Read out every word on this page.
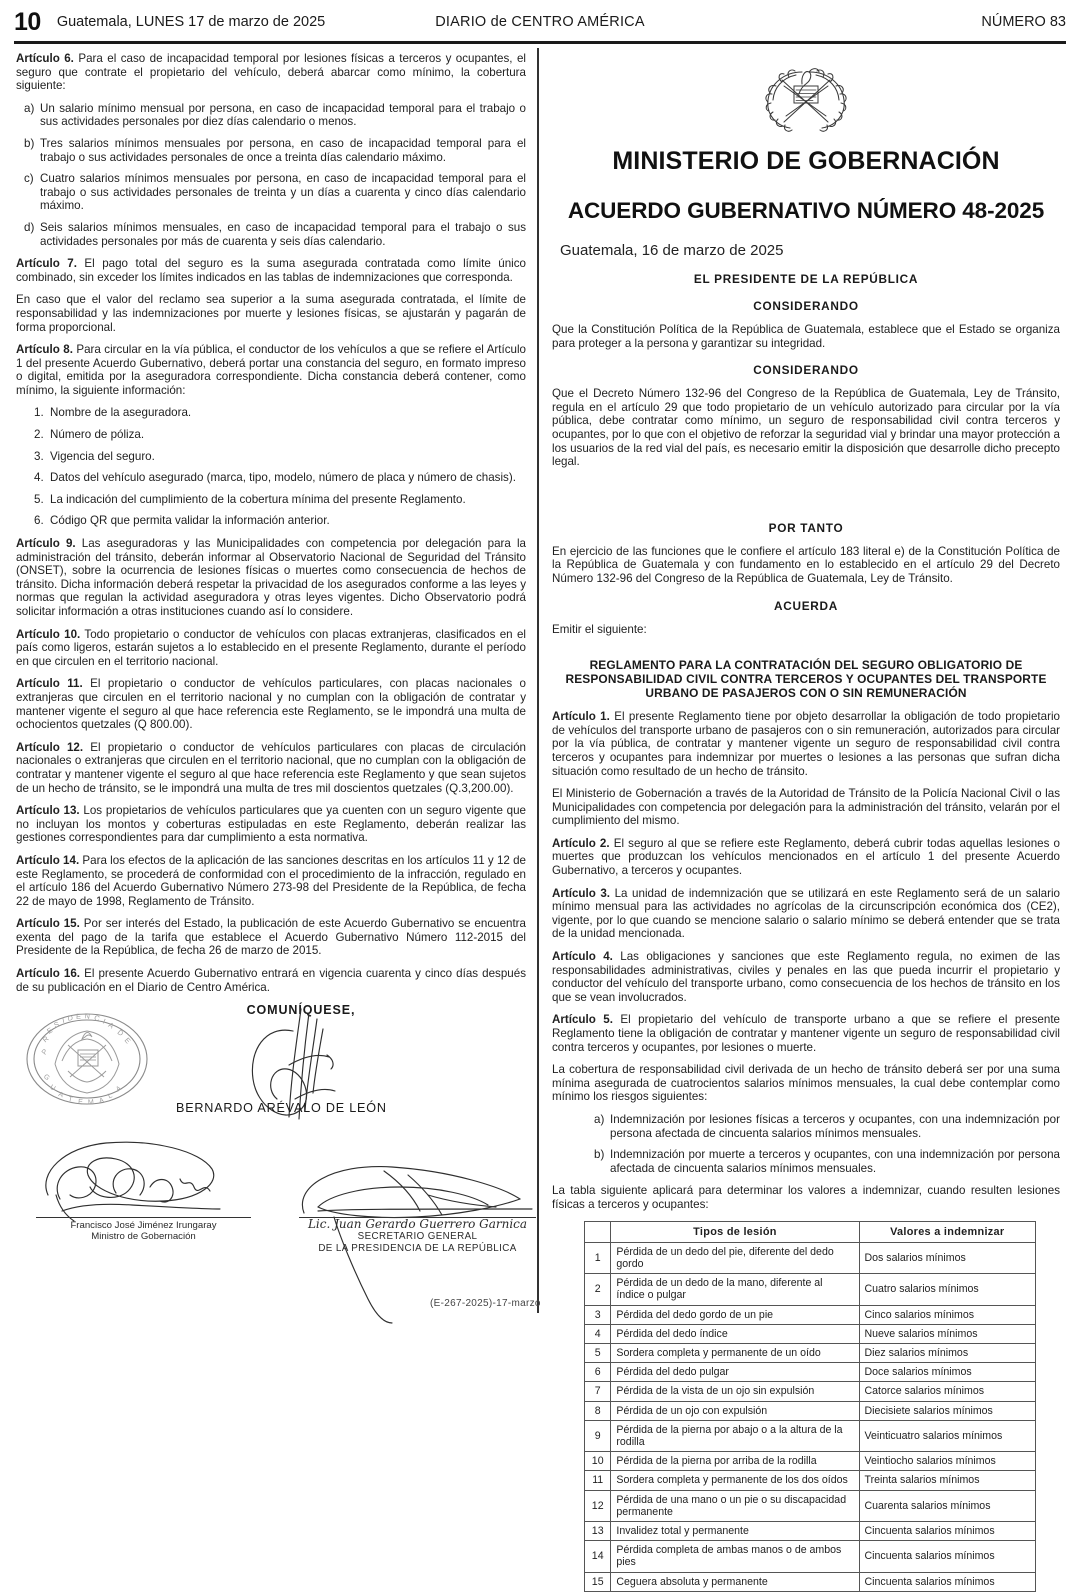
10 Guatemala, LUNES 17 de marzo de 2025	DIARIO de CENTRO AMÉRICA	NÚMERO 83

Artículo 6. Para el caso de incapacidad temporal por lesiones físicas a terceros y ocupantes, el seguro que contrate el propietario del vehículo, deberá abarcar como mínimo, la cobertura siguiente:

a) Un salario mínimo mensual por persona, en caso de incapacidad temporal para el trabajo o sus actividades personales por diez días calendario o menos.
b) Tres salarios mínimos mensuales por persona, en caso de incapacidad temporal para el trabajo o sus actividades personales de once a treinta días calendario máximo.
c) Cuatro salarios mínimos mensuales por persona, en caso de incapacidad temporal para el trabajo o sus actividades personales de treinta y un días a cuarenta y cinco días calendario máximo.
d) Seis salarios mínimos mensuales, en caso de incapacidad temporal para el trabajo o sus actividades personales por más de cuarenta y seis días calendario.

Artículo 7. El pago total del seguro es la suma asegurada contratada como límite único combinado, sin exceder los límites indicados en las tablas de indemnizaciones que corresponda.

En caso que el valor del reclamo sea superior a la suma asegurada contratada, el límite de responsabilidad y las indemnizaciones por muerte y lesiones físicas, se ajustarán y pagarán de forma proporcional.

Artículo 8. Para circular en la vía pública, el conductor de los vehículos a que se refiere el Artículo 1 del presente Acuerdo Gubernativo, deberá portar una constancia del seguro, en formato impreso o digital, emitida por la aseguradora correspondiente. Dicha constancia deberá contener, como mínimo, la siguiente información:

1. Nombre de la aseguradora.
2. Número de póliza.
3. Vigencia del seguro.
4. Datos del vehículo asegurado (marca, tipo, modelo, número de placa y número de chasis).
5. La indicación del cumplimiento de la cobertura mínima del presente Reglamento.
6. Código QR que permita validar la información anterior.

Artículo 9. Las aseguradoras y las Municipalidades con competencia por delegación para la administración del tránsito, deberán informar al Observatorio Nacional de Seguridad del Tránsito (ONSET), sobre la ocurrencia de lesiones físicas o muertes como consecuencia de hechos de tránsito. Dicha información deberá respetar la privacidad de los asegurados conforme a las leyes y normas que regulan la actividad aseguradora y otras leyes vigentes. Dicho Observatorio podrá solicitar información a otras instituciones cuando así lo considere.

Artículo 10. Todo propietario o conductor de vehículos con placas extranjeras, clasificados en el país como ligeros, estarán sujetos a lo establecido en el presente Reglamento, durante el período en que circulen en el territorio nacional.

Artículo 11. El propietario o conductor de vehículos particulares, con placas nacionales o extranjeras que circulen en el territorio nacional y no cumplan con la obligación de contratar y mantener vigente el seguro al que hace referencia este Reglamento, se le impondrá una multa de ochocientos quetzales (Q 800.00).

Artículo 12. El propietario o conductor de vehículos particulares con placas de circulación nacionales o extranjeras que circulen en el territorio nacional, que no cumplan con la obligación de contratar y mantener vigente el seguro al que hace referencia este Reglamento y que sean sujetos de un hecho de tránsito, se le impondrá una multa de tres mil doscientos quetzales (Q.3,200.00).

Artículo 13. Los propietarios de vehículos particulares que ya cuenten con un seguro vigente que no incluyan los montos y coberturas estipuladas en este Reglamento, deberán realizar las gestiones correspondientes para dar cumplimiento a esta normativa.

Artículo 14. Para los efectos de la aplicación de las sanciones descritas en los artículos 11 y 12 de este Reglamento, se procederá de conformidad con el procedimiento de la infracción, regulado en el artículo 186 del Acuerdo Gubernativo Número 273-98 del Presidente de la República, de fecha 22 de mayo de 1998, Reglamento de Tránsito.

Artículo 15. Por ser interés del Estado, la publicación de este Acuerdo Gubernativo se encuentra exenta del pago de la tarifa que establece el Acuerdo Gubernativo Número 112-2015 del Presidente de la República, de fecha 26 de marzo de 2015.

Artículo 16. El presente Acuerdo Gubernativo entrará en vigencia cuarenta y cinco días después de su publicación en el Diario de Centro América.

COMUNÍQUESE,
P
R
E
S I D E N C I
A
D
E
G
U
A
T E M A
L
A
BERNARDO ARÉVALO DE LEÓN
Francisco José Jiménez Irungaray
Ministro de Gobernación
Lic. Juan Gerardo Guerrero Garnica
SECRETARIO GENERAL
DE LA PRESIDENCIA DE LA REPÚBLICA
MINISTERIO DE GOBERNACIÓN
ACUERDO GUBERNATIVO NÚMERO 48-2025
Guatemala, 16 de marzo de 2025
EL PRESIDENTE DE LA REPÚBLICA
CONSIDERANDO

Que la Constitución Política de la República de Guatemala, establece que el Estado se organiza para proteger a la persona y garantizar su integridad.

CONSIDERANDO

Que el Decreto Número 132-96 del Congreso de la República de Guatemala, Ley de Tránsito, regula en el artículo 29 que todo propietario de un vehículo autorizado para circular por la vía pública, debe contratar como mínimo, un seguro de responsabilidad civil contra terceros y ocupantes, por lo que con el objetivo de reforzar la seguridad vial y brindar una mayor protección a los usuarios de la red vial del país, es necesario emitir la disposición que desarrolle dicho precepto legal.

POR TANTO

En ejercicio de las funciones que le confiere el artículo 183 literal e) de la Constitución Política de la República de Guatemala y con fundamento en lo establecido en el artículo 29 del Decreto Número 132-96 del Congreso de la República de Guatemala, Ley de Tránsito.

ACUERDA

Emitir el siguiente:

REGLAMENTO PARA LA CONTRATACIÓN DEL SEGURO OBLIGATORIO DE RESPONSABILIDAD CIVIL CONTRA TERCEROS Y OCUPANTES DEL TRANSPORTE URBANO DE PASAJEROS CON O SIN REMUNERACIÓN

Artículo 1. El presente Reglamento tiene por objeto desarrollar la obligación de todo propietario de vehículos del transporte urbano de pasajeros con o sin remuneración, autorizados para circular por la vía pública, de contratar y mantener vigente un seguro de responsabilidad civil contra terceros y ocupantes para indemnizar por muertes o lesiones a las personas que sufran dicha situación como resultado de un hecho de tránsito.

El Ministerio de Gobernación a través de la Autoridad de Tránsito de la Policía Nacional Civil o las Municipalidades con competencia por delegación para la administración del tránsito, velarán por el cumplimiento del mismo.

Artículo 2. El seguro al que se refiere este Reglamento, deberá cubrir todas aquellas lesiones o muertes que produzcan los vehículos mencionados en el artículo 1 del presente Acuerdo Gubernativo, a terceros y ocupantes.

Artículo 3. La unidad de indemnización que se utilizará en este Reglamento será de un salario mínimo mensual para las actividades no agrícolas de la circunscripción económica dos (CE2), vigente, por lo que cuando se mencione salario o salario mínimo se deberá entender que se trata de la unidad mencionada.

Artículo 4. Las obligaciones y sanciones que este Reglamento regula, no eximen de las responsabilidades administrativas, civiles y penales en las que pueda incurrir el propietario y conductor del vehículo del transporte urbano, como consecuencia de los hechos de tránsito en los que se vean involucrados.

Artículo 5. El propietario del vehículo de transporte urbano a que se refiere el presente Reglamento tiene la obligación de contratar y mantener vigente un seguro de responsabilidad civil contra terceros y ocupantes, por lesiones o muerte.

La cobertura de responsabilidad civil derivada de un hecho de tránsito deberá ser por una suma mínima asegurada de cuatrocientos salarios mínimos mensuales, la cual debe contemplar como mínimo los riesgos siguientes:

a) Indemnización por lesiones físicas a terceros y ocupantes, con una indemnización por persona afectada de cincuenta salarios mínimos mensuales.
b) Indemnización por muerte a terceros y ocupantes, con una indemnización por persona afectada de cincuenta salarios mínimos mensuales.

La tabla siguiente aplicará para determinar los valores a indemnizar, cuando resulten lesiones físicas a terceros y ocupantes:

	Tipos de lesión	Valores a indemnizar
1	Pérdida de un dedo del pie, diferente del dedo gordo	Dos salarios mínimos
2	Pérdida de un dedo de la mano, diferente al índice o pulgar	Cuatro salarios mínimos
3	Pérdida del dedo gordo de un pie	Cinco salarios mínimos
4	Pérdida del dedo índice	Nueve salarios mínimos
5	Sordera completa y permanente de un oído	Diez salarios mínimos
6	Pérdida del dedo pulgar	Doce salarios mínimos
7	Pérdida de la vista de un ojo sin expulsión	Catorce salarios mínimos
8	Pérdida de un ojo con expulsión	Diecisiete salarios mínimos
9	Pérdida de la pierna por abajo o a la altura de la rodilla	Veinticuatro salarios mínimos
10	Pérdida de la pierna por arriba de la rodilla	Veintiocho salarios mínimos
11	Sordera completa y permanente de los dos oídos	Treinta salarios mínimos
12	Pérdida de una mano o un pie o su discapacidad permanente	Cuarenta salarios mínimos
13	Invalidez total y permanente	Cincuenta salarios mínimos
14	Pérdida completa de ambas manos o de ambos pies	Cincuenta salarios mínimos
15	Ceguera absoluta y permanente	Cincuenta salarios mínimos
(E-267-2025)-17-marzo
